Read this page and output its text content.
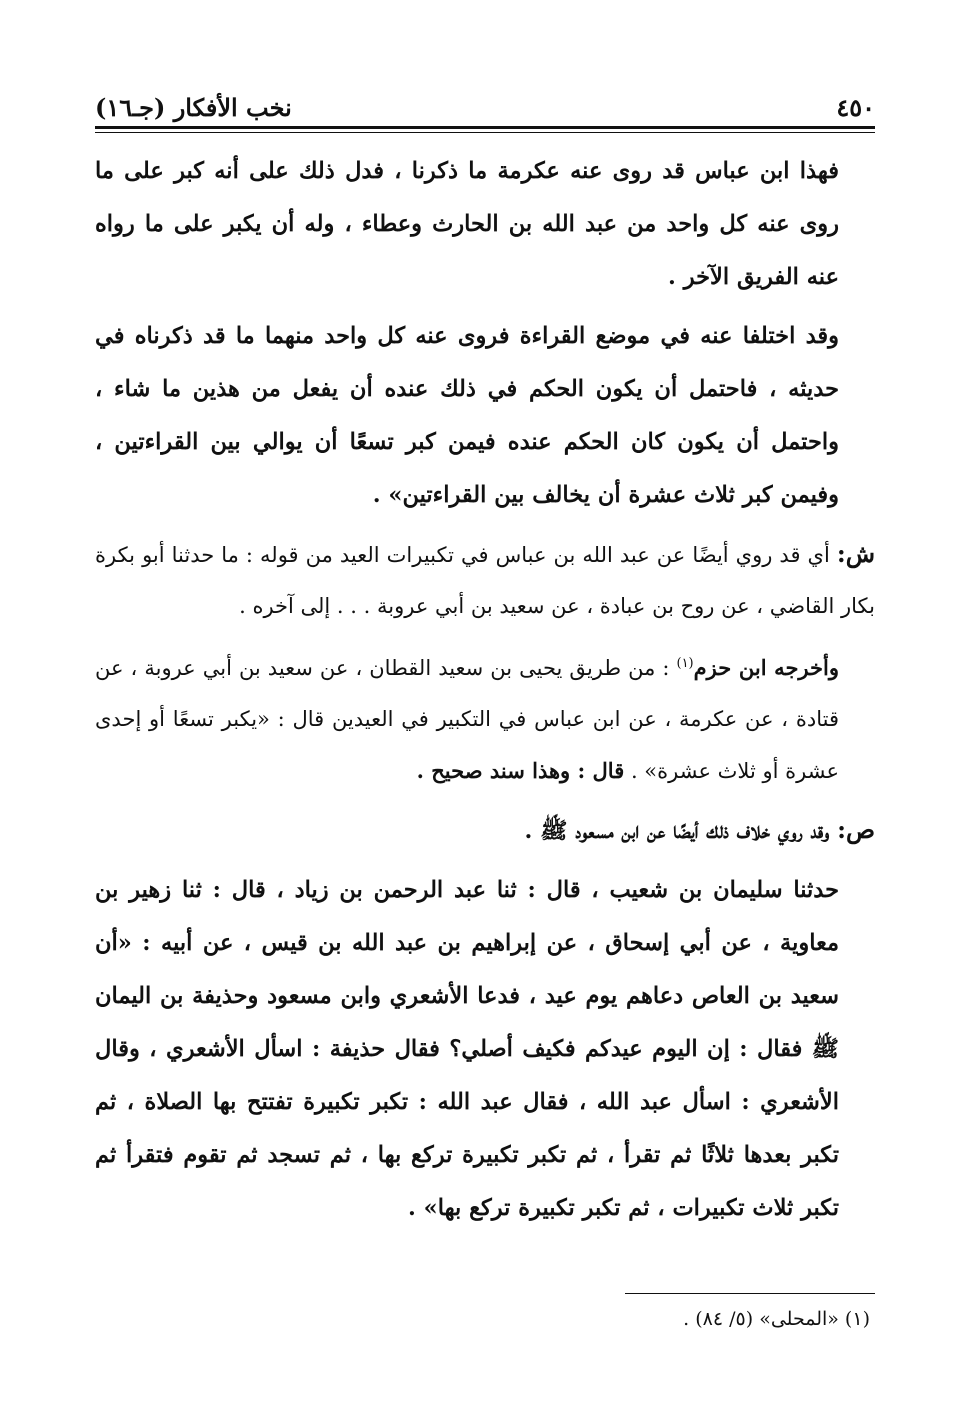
٤٥٠
نخب الأفكار (جـ١٦)

فهذا ابن عباس قد روى عنه عكرمة ما ذكرنا ، فدل ذلك على أنه كبر على ما روى عنه كل واحد من عبد الله بن الحارث وعطاء ، وله أن يكبر على ما رواه عنه الفريق الآخر .

وقد اختلفا عنه في موضع القراءة فروى عنه كل واحد منهما ما قد ذكرناه في حديثه ، فاحتمل أن يكون الحكم في ذلك عنده أن يفعل من هذين ما شاء ، واحتمل أن يكون كان الحكم عنده فيمن كبر تسعًا أن يوالي بين القراءتين ، وفيمن كبر ثلاث عشرة أن يخالف بين القراءتين» .

ش: أي قد روي أيضًا عن عبد الله بن عباس في تكبيرات العيد من قوله : ما حدثنا أبو بكرة بكار القاضي ، عن روح بن عبادة ، عن سعيد بن أبي عروبة . . . إلى آخره .

وأخرجه ابن حزم$^{(١)}$ : من طريق يحيى بن سعيد القطان ، عن سعيد بن أبي عروبة ، عن قتادة ، عن عكرمة ، عن ابن عباس في التكبير في العيدين قال : «يكبر تسعًا أو إحدى عشرة أو ثلاث عشرة» . قال : وهذا سند صحيح .

ص: وقد روي خلاف ذلك أيضًا عن ابن مسعود ﷺ .

حدثنا سليمان بن شعيب ، قال : ثنا عبد الرحمن بن زياد ، قال : ثنا زهير بن معاوية ، عن أبي إسحاق ، عن إبراهيم بن عبد الله بن قيس ، عن أبيه : «أن سعيد بن العاص دعاهم يوم عيد ، فدعا الأشعري وابن مسعود وحذيفة بن اليمان ﷺ فقال : إن اليوم عيدكم فكيف أصلي؟ فقال حذيفة : اسأل الأشعري ، وقال الأشعري : اسأل عبد الله ، فقال عبد الله : تكبر تكبيرة تفتتح بها الصلاة ، ثم تكبر بعدها ثلاثًا ثم تقرأ ، ثم تكبر تكبيرة تركع بها ، ثم تسجد ثم تقوم فتقرأ ثم تكبر ثلاث تكبيرات ، ثم تكبر تكبيرة تركع بها» .

(١) «المحلى» (٥/ ٨٤) .
